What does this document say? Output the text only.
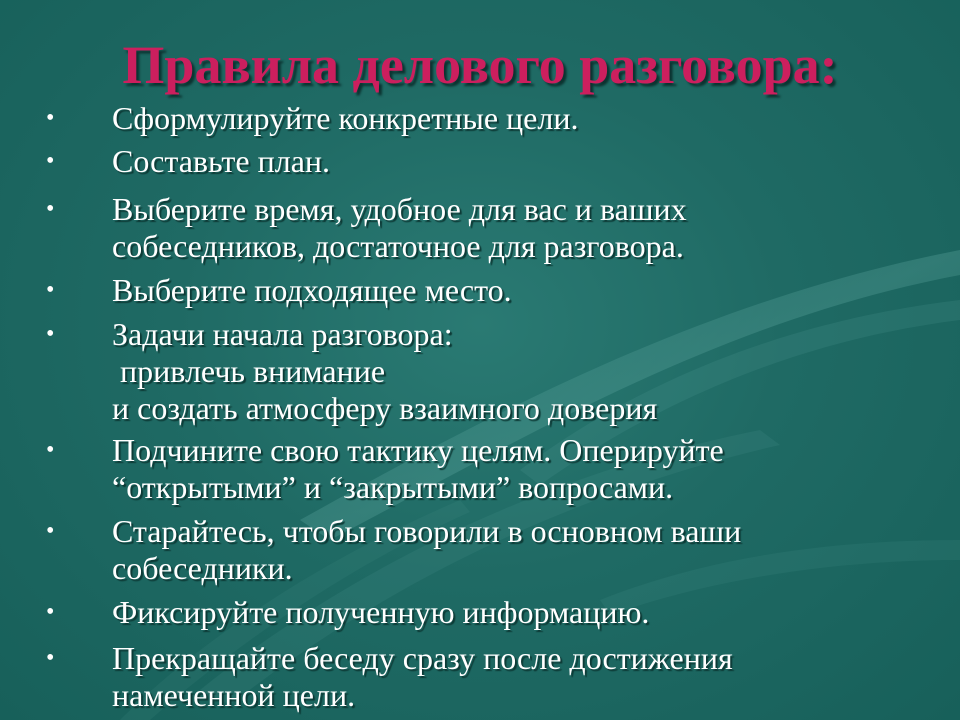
Правила делового разговора:
• Сформулируйте конкретные цели.
• Составьте план.
• Выберите время, удобное для вас и ваших
собеседников, достаточное для разговора.
• Выберите подходящее место.
• Задачи начала разговора:
привлечь внимание
и создать атмосферу взаимного доверия
• Подчините свою тактику целям. Оперируйте
“открытыми” и “закрытыми” вопросами.
• Старайтесь, чтобы говорили в основном ваши
собеседники.
• Фиксируйте полученную информацию.
• Прекращайте беседу сразу после достижения
намеченной цели.
